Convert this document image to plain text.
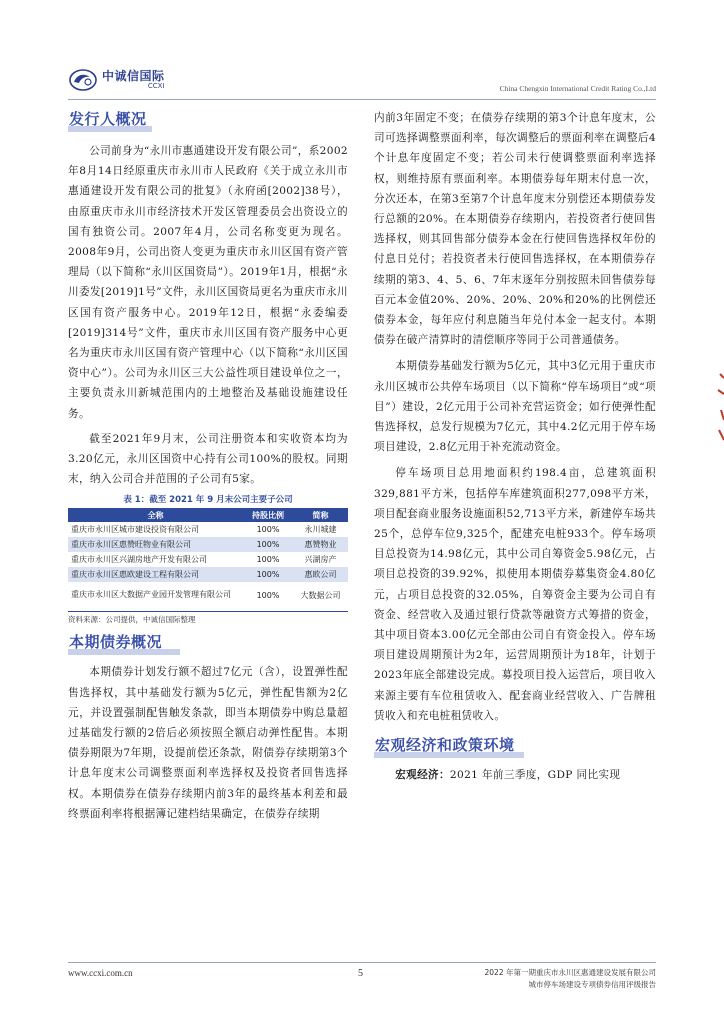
中诚信国际
CCXI	China Chengxin International Credit Rating Co.,Ltd
发行人概况

公司前身为“永川市惠通建设开发有限公司”，系2002年8月14日经原重庆市永川市人民政府《关于成立永川市惠通建设开发有限公司的批复》（永府函[2002]38号），由原重庆市永川市经济技术开发区管理委员会出资设立的国有独资公司。2007年4月，公司名称变更为现名。2008年9月，公司出资人变更为重庆市永川区国有资产管理局（以下简称“永川区国资局”）。2019年1月，根据“永川委发[2019]1号”文件，永川区国资局更名为重庆市永川区国有资产服务中心。2019年12日，根据“永委编委[2019]314号”文件，重庆市永川区国有资产服务中心更名为重庆市永川区国有资产管理中心（以下简称“永川区国资中心”）。公司为永川区三大公益性项目建设单位之一，主要负责永川新城范围内的土地整治及基础设施建设任务。

截至2021年9月末，公司注册资本和实收资本均为3.20亿元，永川区国资中心持有公司100%的股权。同期末，纳入公司合并范围的子公司有5家。

表 1：截至 2021 年 9 月末公司主要子公司
全称	持股比例	简称
重庆市永川区城市建设投资有限公司	100%	永川城建
重庆市永川区惠赞旺物业有限公司	100%	惠赞物业
重庆市永川区兴湖房地产开发有限公司	100%	兴湖房产
重庆市永川区惠欧建设工程有限公司	100%	惠欧公司
重庆市永川区大数据产业园开发管理有限公司	100%	大数据公司
资料来源：公司提供，中诚信国际整理
本期债券概况

本期债券计划发行额不超过7亿元（含），设置弹性配售选择权，其中基础发行额为5亿元，弹性配售额为2亿元，并设置强制配售触发条款，即当本期债券中购总量超过基础发行额的2倍后必须按照全额启动弹性配售。本期债券期限为7年期，设提前偿还条款，附债券存续期第3个计息年度末公司调整票面利率选择权及投资者回售选择权。本期债券在债券存续期内前3年的最终基本利差和最终票面利率将根据簿记建档结果确定，在债券存续期

内前3年固定不变；在债券存续期的第3个计息年度末，公司可选择调整票面利率，每次调整后的票面利率在调整后4个计息年度固定不变；若公司未行使调整票面利率选择权，则维持原有票面利率。本期债券每年期末付息一次，分次还本，在第3至第7个计息年度末分别偿还本期债券发行总额的20%。在本期债券存续期内，若投资者行使回售选择权，则其回售部分债券本金在行使回售选择权年份的付息日兑付；若投资者未行使回售选择权，在本期债券存续期的第3、4、5、6、7年末逐年分别按照未回售债券每百元本金值20%、20%、20%、20%和20%的比例偿还债券本金，每年应付利息随当年兑付本金一起支付。本期债券在破产清算时的清偿顺序等同于公司普通债务。

本期债券基础发行额为5亿元，其中3亿元用于重庆市永川区城市公共停车场项目（以下简称“停车场项目”或“项目”）建设，2亿元用于公司补充营运资金；如行使弹性配售选择权，总发行规模为7亿元，其中4.2亿元用于停车场项目建设，2.8亿元用于补充流动资金。

停车场项目总用地面积约198.4亩，总建筑面积329,881平方米，包括停车库建筑面积277,098平方米，项目配套商业服务设施面积52,713平方米，新建停车场共25个，总停车位9,325个，配建充电桩933个。停车场项目总投资为14.98亿元，其中公司自筹资金5.98亿元，占项目总投资的39.92%，拟使用本期债券募集资金4.80亿元，占项目总投资的32.05%，自筹资金主要为公司自有资金、经营收入及通过银行贷款等融资方式筹措的资金，其中项目资本3.00亿元全部由公司自有资金投入。停车场项目建设周期预计为2年，运营周期预计为18年，计划于2023年底全部建设完成。募投项目投入运营后，项目收入来源主要有车位租赁收入、配套商业经营收入、广告牌租赁收入和充电桩租赁收入。

宏观经济和政策环境

宏观经济：2021 年前三季度，GDP 同比实现

www.ccxi.com.cn	5	2022 年第一期重庆市永川区惠通建设发展有限公司
城市停车场建设专项债券信用评级报告
